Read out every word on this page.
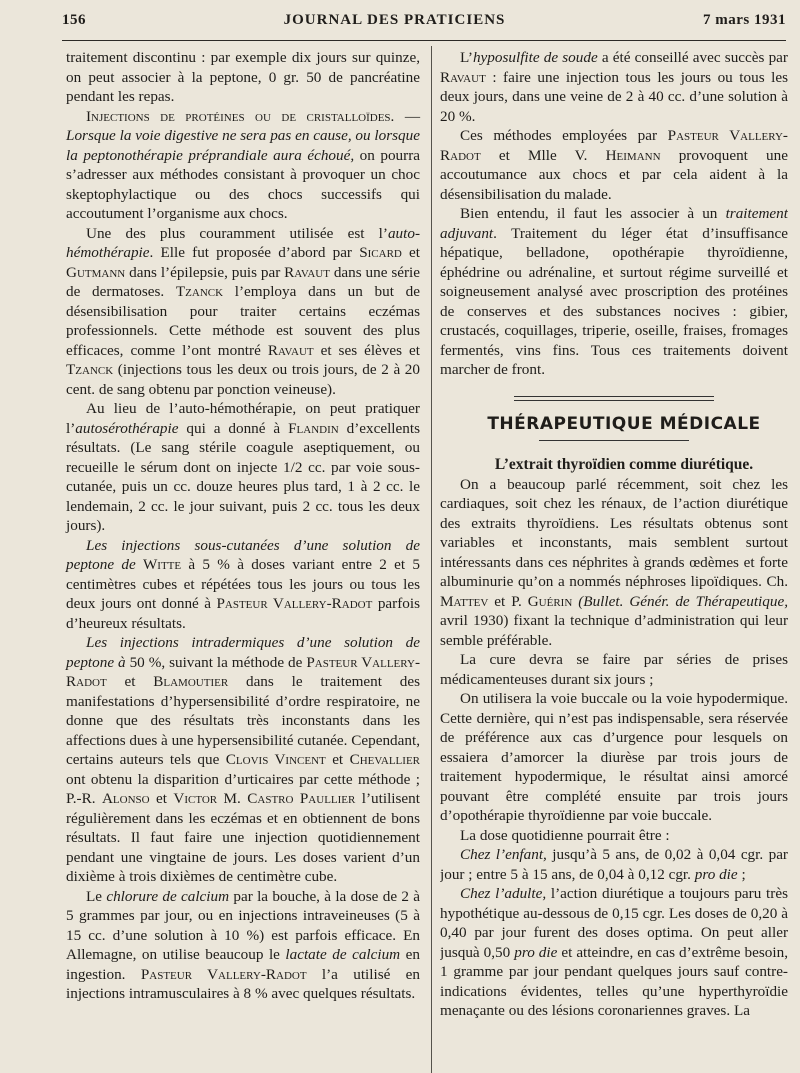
156	JOURNAL DES PRATICIENS	7 mars 1931

traitement discontinu : par exemple dix jours sur quinze, on peut associer à la peptone, 0 gr. 50 de pancréatine pendant les repas.

Injections de protéines ou de cristalloïdes. — Lorsque la voie digestive ne sera pas en cause, ou lorsque la peptonothérapie préprandiale aura échoué, on pourra s’adresser aux méthodes consistant à provoquer un choc skeptophylactique ou des chocs successifs qui accoutument l’organisme aux chocs.

Une des plus couramment utilisée est l’auto-hémothérapie. Elle fut proposée d’abord par Sicard et Gutmann dans l’épilepsie, puis par Ravaut dans une série de dermatoses. Tzanck l’employa dans un but de désensibilisation pour traiter certains eczémas professionnels. Cette méthode est souvent des plus efficaces, comme l’ont montré Ravaut et ses élèves et Tzanck (injections tous les deux ou trois jours, de 2 à 20 cent. de sang obtenu par ponction veineuse).

Au lieu de l’auto-hémothérapie, on peut pratiquer l’autosérothérapie qui a donné à Flandin d’excellents résultats. (Le sang stérile coagule aseptiquement, ou recueille le sérum dont on injecte 1/2 cc. par voie sous-cutanée, puis un cc. douze heures plus tard, 1 à 2 cc. le lendemain, 2 cc. le jour suivant, puis 2 cc. tous les deux jours).

Les injections sous-cutanées d’une solution de peptone de Witte à 5 % à doses variant entre 2 et 5 centimètres cubes et répétées tous les jours ou tous les deux jours ont donné à Pasteur Vallery-Radot parfois d’heureux résultats.

Les injections intradermiques d’une solution de peptone à 50 %, suivant la méthode de Pasteur Vallery-Radot et Blamoutier dans le traitement des manifestations d’hypersensibilité d’ordre respiratoire, ne donne que des résultats très inconstants dans les affections dues à une hypersensibilité cutanée. Cependant, certains auteurs tels que Clovis Vincent et Chevallier ont obtenu la disparition d’urticaires par cette méthode ; P.-R. Alonso et Victor M. Castro Paullier l’utilisent régulièrement dans les eczémas et en obtiennent de bons résultats. Il faut faire une injection quotidiennement pendant une vingtaine de jours. Les doses varient d’un dixième à trois dixièmes de centimètre cube.

Le chlorure de calcium par la bouche, à la dose de 2 à 5 grammes par jour, ou en injections intraveineuses (5 à 15 cc. d’une solution à 10 %) est parfois efficace. En Allemagne, on utilise beaucoup le lactate de calcium en ingestion. Pasteur Vallery-Radot l’a utilisé en injections intramusculaires à 8 % avec quelques résultats.

L’hyposulfite de soude a été conseillé avec succès par Ravaut : faire une injection tous les jours ou tous les deux jours, dans une veine de 2 à 40 cc. d’une solution à 20 %.

Ces méthodes employées par Pasteur Vallery-Radot et Mlle V. Heimann provoquent une accoutumance aux chocs et par cela aident à la désensibilisation du malade.

Bien entendu, il faut les associer à un traitement adjuvant. Traitement du léger état d’insuffisance hépatique, belladone, opothérapie thyroïdienne, éphédrine ou adrénaline, et surtout régime surveillé et soigneusement analysé avec proscription des protéines de conserves et des substances nocives : gibier, crustacés, coquillages, triperie, oseille, fraises, fromages fermentés, vins fins. Tous ces traitements doivent marcher de front.

THÉRAPEUTIQUE MÉDICALE

L’extrait thyroïdien comme diurétique.

On a beaucoup parlé récemment, soit chez les cardiaques, soit chez les rénaux, de l’action diurétique des extraits thyroïdiens. Les résultats obtenus sont variables et inconstants, mais semblent surtout intéressants dans ces néphrites à grands œdèmes et forte albuminurie qu’on a nommés néphroses lipoïdiques. Ch. Mattev et P. Guérin (Bullet. Génér. de Thérapeutique, avril 1930) fixant la technique d’administration qui leur semble préférable.

La cure devra se faire par séries de prises médicamenteuses durant six jours ;

On utilisera la voie buccale ou la voie hypodermique. Cette dernière, qui n’est pas indispensable, sera réservée de préférence aux cas d’urgence pour lesquels on essaiera d’amorcer la diurèse par trois jours de traitement hypodermique, le résultat ainsi amorcé pouvant être complété ensuite par trois jours d’opothérapie thyroïdienne par voie buccale.

La dose quotidienne pourrait être :

Chez l’enfant, jusqu’à 5 ans, de 0,02 à 0,04 cgr. par jour ; entre 5 à 15 ans, de 0,04 à 0,12 cgr. pro die ;

Chez l’adulte, l’action diurétique a toujours paru très hypothétique au-dessous de 0,15 cgr. Les doses de 0,20 à 0,40 par jour furent des doses optima. On peut aller jusquà 0,50 pro die et atteindre, en cas d’extrême besoin, 1 gramme par jour pendant quelques jours sauf contre-indications évidentes, telles qu’une hyperthyroïdie menaçante ou des lésions coronariennes graves. La
